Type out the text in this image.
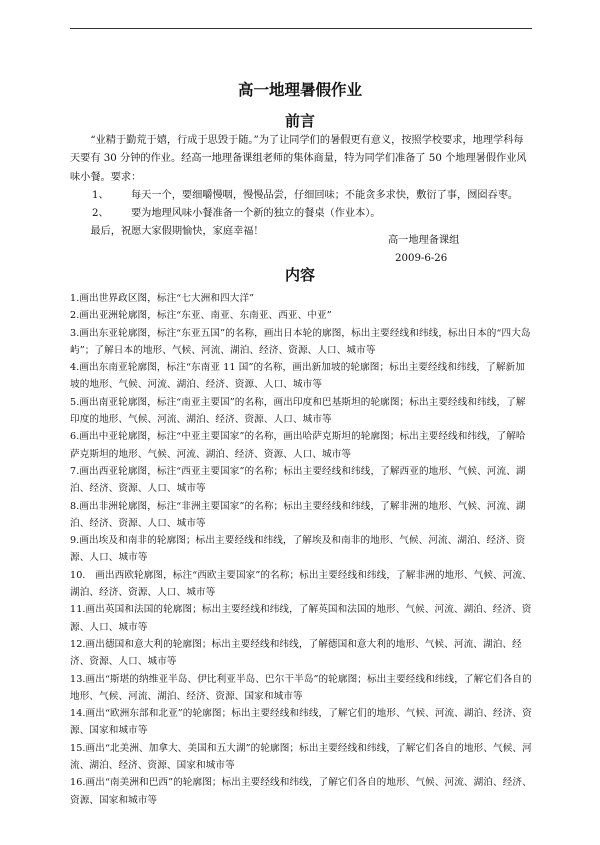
高一地理暑假作业
前言

“业精于勤荒于嬉，行成于思毁于随。”为了让同学们的暑假更有意义，按照学校要求，地理学科每天要有 30 分钟的作业。经高一地理备课组老师的集体商量，特为同学们准备了 50 个地理暑假作业风味小餐。要求：

1、 每天一个，要细嚼慢咽，慢慢品尝，仔细回味；不能贪多求快，敷衍了事，囫囵吞枣。

2、 要为地理风味小餐准备一个新的独立的餐桌（作业本）。

最后，祝愿大家假期愉快，家庭幸福！

高一地理备课组
2009-6-26
内容
1.画出世界政区图，标注“七大洲和四大洋”
2.画出亚洲轮廓图，标注“东亚、南亚、东南亚、西亚、中亚”
3.画出东亚轮廓图，标注“东亚五国”的名称，画出日本轮的廓图，标出主要经线和纬线，标出日本的“四大岛屿”；了解日本的地形、气候、河流、湖泊、经济、资源、人口、城市等
4.画出东南亚轮廓图，标注“东南亚 11 国”的名称，画出新加坡的轮廓图；标出主要经线和纬线，了解新加坡的地形、气候、河流、湖泊、经济、资源、人口、城市等
5.画出南亚轮廓图，标注“南亚主要国”的名称，画出印度和巴基斯坦的轮廓图；标出主要经线和纬线，了解印度的地形、气候、河流、湖泊、经济、资源、人口、城市等
6.画出中亚轮廓图，标注“中亚主要国家”的名称，画出哈萨克斯坦的轮廓图；标出主要经线和纬线，了解哈萨克斯坦的地形、气候、河流、湖泊、经济、资源、人口、城市等
7.画出西亚轮廓图，标注“西亚主要国家”的名称；标出主要经线和纬线，了解西亚的地形、气候、河流、湖泊、经济、资源、人口、城市等
8.画出非洲轮廓图，标注“非洲主要国家”的名称；标出主要经线和纬线，了解非洲的地形、气候、河流、湖泊、经济、资源、人口、城市等
9.画出埃及和南非的轮廓图；标出主要经线和纬线，了解埃及和南非的地形、气候、河流、湖泊、经济、资源、人口、城市等
10.　画出西欧轮廓图，标注“西欧主要国家”的名称；标出主要经线和纬线，了解非洲的地形、气候、河流、湖泊、经济、资源、人口、城市等
11.画出英国和法国的轮廓图；标出主要经线和纬线，了解英国和法国的地形、气候、河流、湖泊、经济、资源、人口、城市等
12.画出德国和意大利的轮廓图；标出主要经线和纬线，了解德国和意大利的地形、气候、河流、湖泊、经济、资源、人口、城市等
13.画出“斯堪的纳维亚半岛、伊比利亚半岛、巴尔干半岛”的轮廓图；标出主要经线和纬线，了解它们各自的地形、气候、河流、湖泊、经济、资源、国家和城市等
14.画出“欧洲东部和北亚”的轮廓图；标出主要经线和纬线，了解它们的地形、气候、河流、湖泊、经济、资源、国家和城市等
15.画出“北美洲、加拿大、美国和五大湖”的轮廓图；标出主要经线和纬线，了解它们各自的地形、气候、河流、湖泊、经济、资源、国家和城市等
16.画出“南美洲和巴西”的轮廓图；标出主要经线和纬线，了解它们各自的地形、气候、河流、湖泊、经济、资源、国家和城市等
